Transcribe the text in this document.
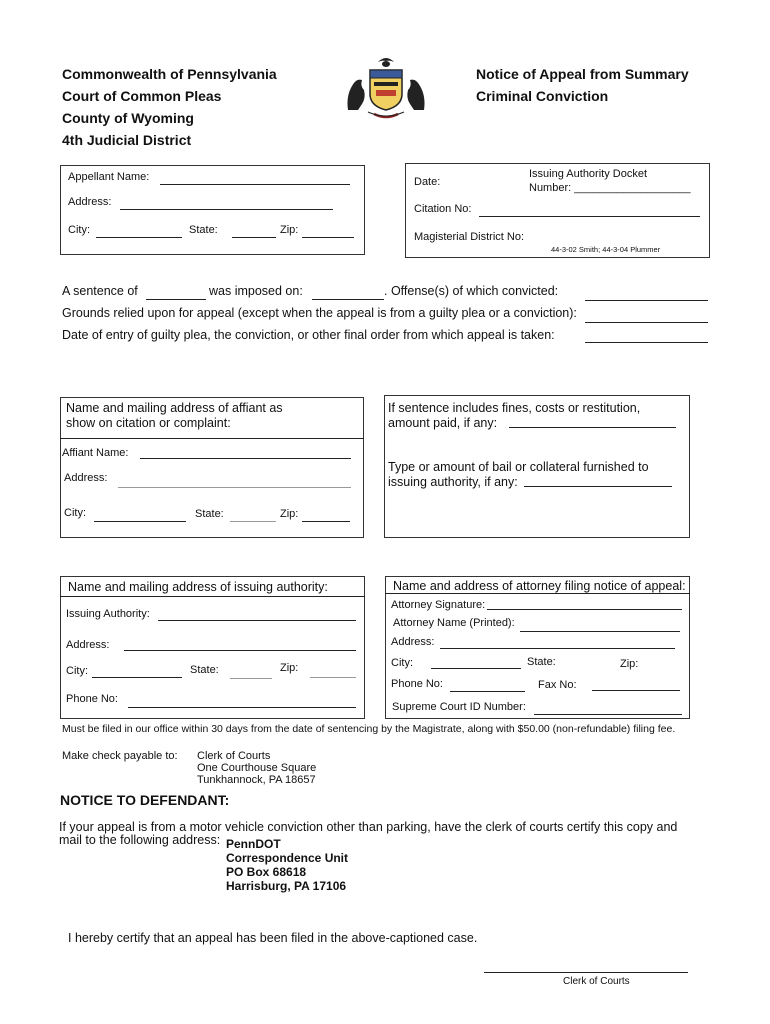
Commonwealth of Pennsylvania
Court of Common Pleas
County of Wyoming
4th Judicial District
Notice of Appeal from Summary
Criminal Conviction
Appellant Name:
Address:
City:	State:	Zip:
Date:
Issuing Authority Docket
Number: ___________________
Citation No:
Magisterial District No:
44-3-02 Smith; 44-3-04 Plummer
A sentence of	was imposed on:	. Offense(s) of which convicted:
Grounds relied upon for appeal (except when the appeal is from a guilty plea or a conviction):
Date of entry of guilty plea, the conviction, or other final order from which appeal is taken:
Name and mailing address of affiant as
show on citation or complaint:
Affiant Name:
Address:
City:	State:	Zip:
If sentence includes fines, costs or restitution,
amount paid, if any:
Type or amount of bail or collateral furnished to
issuing authority, if any:
Name and mailing address of issuing authority:
Issuing Authority:
Address:
City:	State:	Zip:
Phone No:
Name and address of attorney filing notice of appeal:
Attorney Signature:
Attorney Name (Printed):
Address:
City:	State:	Zip:
Phone No:	Fax No:
Supreme Court ID Number:
Must be filed in our office within 30 days from the date of sentencing by the Magistrate, along with $50.00 (non-refundable) filing fee.
Make check payable to: Clerk of Courts
One Courthouse Square
Tunkhannock, PA 18657
NOTICE TO DEFENDANT:
If your appeal is from a motor vehicle conviction other than parking, have the clerk of courts certify this copy and
mail to the following address: PennDOT
Correspondence Unit
PO Box 68618
Harrisburg, PA 17106
I hereby certify that an appeal has been filed in the above-captioned case.
Clerk of Courts
